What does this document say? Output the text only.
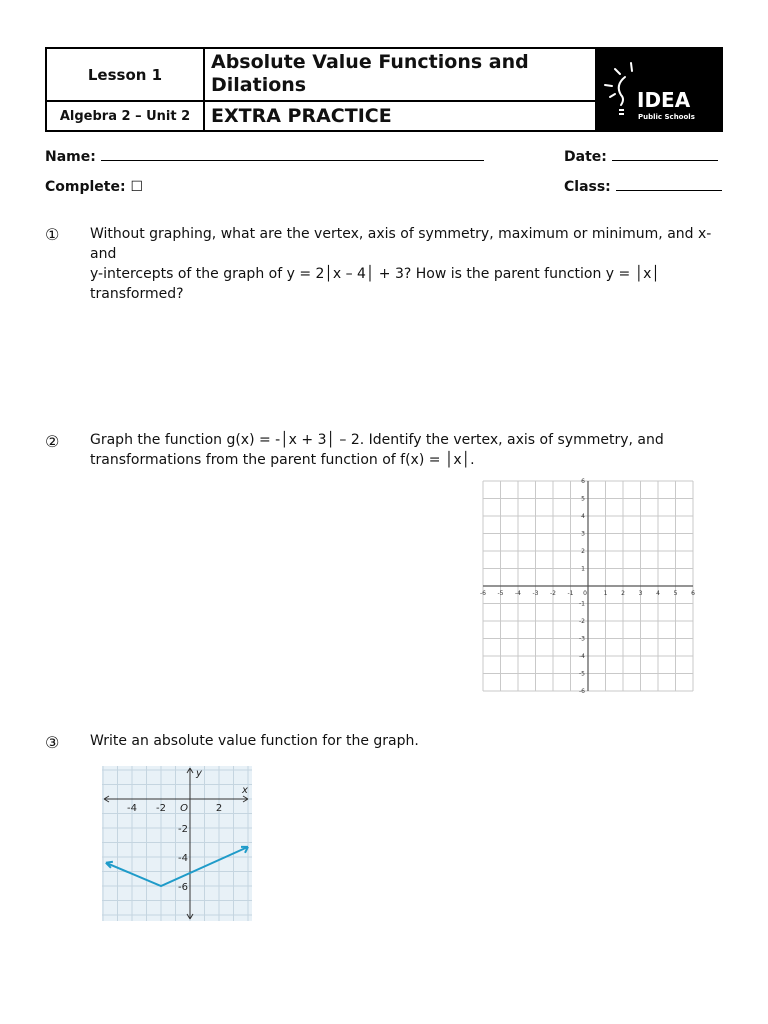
Lesson 1
Absolute Value Functions and Dilations
Algebra 2 – Unit 2 EXTRA PRACTICE
IDEA
Public Schools
Name:	Date:
Complete: ☐	Class:
① Without graphing, what are the vertex, axis of symmetry, maximum or minimum, and x- and
y-intercepts of the graph of y = 2│x – 4│ + 3? How is the parent function y = │x│
transformed?
② Graph the function g(x) = -│x + 3│ – 2. Identify the vertex, axis of symmetry, and
transformations from the parent function of f(x) = │x│.
-6 -5 -4 -3 -2 -1 0	1 2 3 4 5 6
6
5
4
3
2
1
-1
-2
-3
-4
-5
-6
③ Write an absolute value function for the graph.
y
x
-4 -2 O	2
-2
-4
-6
